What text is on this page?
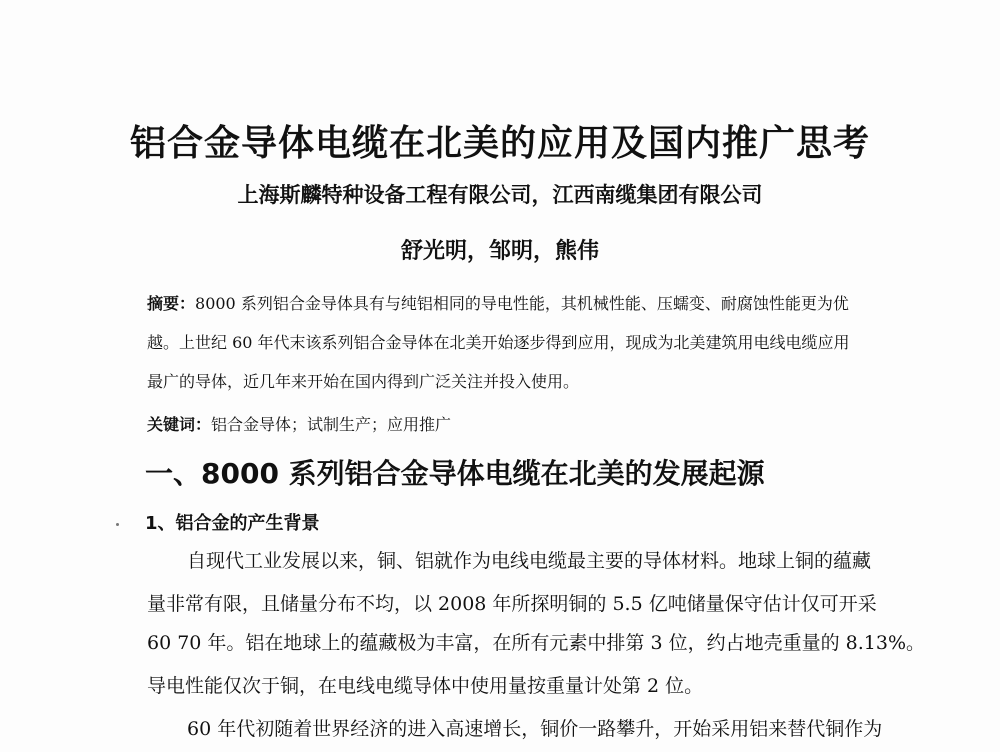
铝合金导体电缆在北美的应用及国内推广思考
上海斯麟特种设备工程有限公司，江西南缆集团有限公司
舒光明，邹明，熊伟
摘要：8000 系列铝合金导体具有与纯铝相同的导电性能，其机械性能、压蠕变、耐腐蚀性能更为优
越。上世纪 60 年代末该系列铝合金导体在北美开始逐步得到应用，现成为北美建筑用电线电缆应用
最广的导体，近几年来开始在国内得到广泛关注并投入使用。
关键词：铝合金导体；试制生产；应用推广
一、8000 系列铝合金导体电缆在北美的发展起源
1、铝合金的产生背景
自现代工业发展以来，铜、铝就作为电线电缆最主要的导体材料。地球上铜的蕴藏
量非常有限，且储量分布不均，以 2008 年所探明铜的 5.5 亿吨储量保守估计仅可开采
60 70 年。铝在地球上的蕴藏极为丰富，在所有元素中排第 3 位，约占地壳重量的 8.13%。
导电性能仅次于铜，在电线电缆导体中使用量按重量计处第 2 位。
60 年代初随着世界经济的进入高速增长，铜价一路攀升，开始采用铝来替代铜作为
